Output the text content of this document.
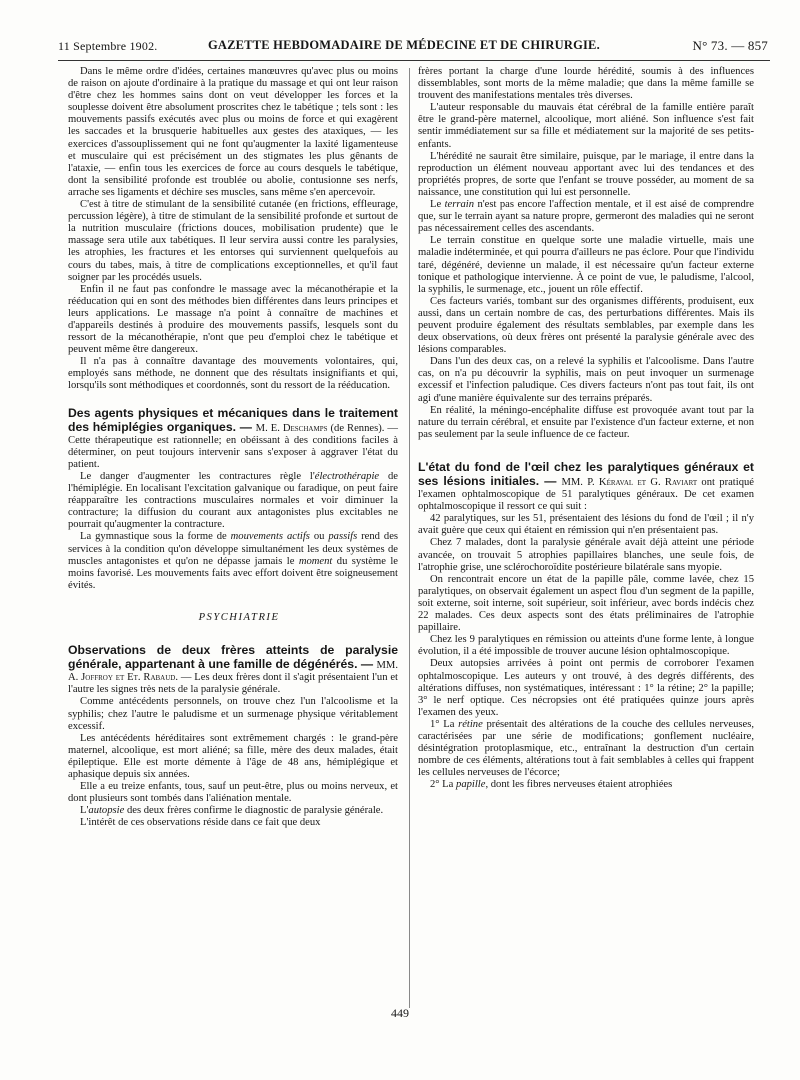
11 Septembre 1902.	GAZETTE HEBDOMADAIRE DE MÉDECINE ET DE CHIRURGIE.	N° 73. — 857

Dans le même ordre d'idées, certaines manœuvres qu'avec plus ou moins de raison on ajoute d'ordinaire à la pratique du massage et qui ont leur raison d'être chez les hommes sains dont on veut développer les forces et la souplesse doivent être absolument proscrites chez le tabétique ; tels sont : les mouvements passifs exécutés avec plus ou moins de force et qui exagèrent les saccades et la brusquerie habituelles aux gestes des ataxiques, — les exercices d'assouplissement qui ne font qu'augmenter la laxité ligamenteuse et musculaire qui est précisément un des stigmates les plus gênants de l'ataxie, — enfin tous les exercices de force au cours desquels le tabétique, dont la sensibilité profonde est troublée ou abolie, contusionne ses nerfs, arrache ses ligaments et déchire ses muscles, sans même s'en apercevoir.

C'est à titre de stimulant de la sensibilité cutanée (en frictions, effleurage, percussion légère), à titre de stimulant de la sensibilité profonde et surtout de la nutrition musculaire (frictions douces, mobilisation prudente) que le massage sera utile aux tabétiques. Il leur servira aussi contre les paralysies, les atrophies, les fractures et les entorses qui surviennent quelquefois au cours du tabes, mais, à titre de complications exceptionnelles, et qu'il faut soigner par les procédés usuels.

Enfin il ne faut pas confondre le massage avec la mécanothérapie et la rééducation qui en sont des méthodes bien différentes dans leurs principes et leurs applications. Le massage n'a point à connaître de machines et d'appareils destinés à produire des mouvements passifs, lesquels sont du ressort de la mécanothérapie, n'ont que peu d'emploi chez le tabétique et peuvent même être dangereux.

Il n'a pas à connaître davantage des mouvements volontaires, qui, employés sans méthode, ne donnent que des résultats insignifiants et qui, lorsqu'ils sont méthodiques et coordonnés, sont du ressort de la rééducation.

Des agents physiques et mécaniques dans le traitement des hémiplégies organiques. — M. E. Deschamps (de Rennes). — Cette thérapeutique est rationnelle; en obéissant à des conditions faciles à déterminer, on peut toujours intervenir sans s'exposer à aggraver l'état du patient.

Le danger d'augmenter les contractures règle l'électrothérapie de l'hémiplégie. En localisant l'excitation galvanique ou faradique, on peut faire réapparaître les contractions musculaires normales et voir diminuer la contracture; la diffusion du courant aux antagonistes plus excitables ne pourrait qu'augmenter la contracture.

La gymnastique sous la forme de mouvements actifs ou passifs rend des services à la condition qu'on développe simultanément les deux systèmes de muscles antagonistes et qu'on ne dépasse jamais le moment du système le moins favorisé. Les mouvements faits avec effort doivent être soigneusement évités.

PSYCHIATRIE

Observations de deux frères atteints de paralysie générale, appartenant à une famille de dégénérés. — MM. A. Joffroy et Et. Rabaud. — Les deux frères dont il s'agit présentaient l'un et l'autre les signes très nets de la paralysie générale.

Comme antécédents personnels, on trouve chez l'un l'alcoolisme et la syphilis; chez l'autre le paludisme et un surmenage physique véritablement excessif.

Les antécédents héréditaires sont extrêmement chargés : le grand-père maternel, alcoolique, est mort aliéné; sa fille, mère des deux malades, était épileptique. Elle est morte démente à l'âge de 48 ans, hémiplégique et aphasique depuis six années.

Elle a eu treize enfants, tous, sauf un peut-être, plus ou moins nerveux, et dont plusieurs sont tombés dans l'aliénation mentale.

L'autopsie des deux frères confirme le diagnostic de paralysie générale.

L'intérêt de ces observations réside dans ce fait que deux

frères portant la charge d'une lourde hérédité, soumis à des influences dissemblables, sont morts de la même maladie; que dans la même famille se trouvent des manifestations mentales très diverses.

L'auteur responsable du mauvais état cérébral de la famille entière paraît être le grand-père maternel, alcoolique, mort aliéné. Son influence s'est fait sentir immédiatement sur sa fille et médiatement sur la majorité de ses petits-enfants.

L'hérédité ne saurait être similaire, puisque, par le mariage, il entre dans la reproduction un élément nouveau apportant avec lui des tendances et des propriétés propres, de sorte que l'enfant se trouve posséder, au moment de sa naissance, une constitution qui lui est personnelle.

Le terrain n'est pas encore l'affection mentale, et il est aisé de comprendre que, sur le terrain ayant sa nature propre, germeront des maladies qui ne seront pas nécessairement celles des ascendants.

Le terrain constitue en quelque sorte une maladie virtuelle, mais une maladie indéterminée, et qui pourra d'ailleurs ne pas éclore. Pour que l'individu taré, dégénéré, devienne un malade, il est nécessaire qu'un facteur externe tonique et pathologique intervienne. À ce point de vue, le paludisme, l'alcool, la syphilis, le surmenage, etc., jouent un rôle effectif.

Ces facteurs variés, tombant sur des organismes différents, produisent, eux aussi, dans un certain nombre de cas, des perturbations différentes. Mais ils peuvent produire également des résultats semblables, par exemple dans les deux observations, où deux frères ont présenté la paralysie générale avec des lésions comparables.

Dans l'un des deux cas, on a relevé la syphilis et l'alcoolisme. Dans l'autre cas, on n'a pu découvrir la syphilis, mais on peut invoquer un surmenage excessif et l'infection paludique. Ces divers facteurs n'ont pas tout fait, ils ont agi d'une manière équivalente sur des terrains préparés.

En réalité, la méningo-encéphalite diffuse est provoquée avant tout par la nature du terrain cérébral, et ensuite par l'existence d'un facteur externe, et non pas seulement par la seule influence de ce facteur.

L'état du fond de l'œil chez les paralytiques généraux et ses lésions initiales. — MM. P. Kéraval et G. Raviart ont pratiqué l'examen ophtalmoscopique de 51 paralytiques généraux. De cet examen ophtalmoscopique il ressort ce qui suit :

42 paralytiques, sur les 51, présentaient des lésions du fond de l'œil ; il n'y avait guère que ceux qui étaient en rémission qui n'en présentaient pas.

Chez 7 malades, dont la paralysie générale avait déjà atteint une période avancée, on trouvait 5 atrophies papillaires blanches, une seule fois, de l'atrophie grise, une sclérochoroïdite postérieure bilatérale sans myopie.

On rencontrait encore un état de la papille pâle, comme lavée, chez 15 paralytiques, on observait également un aspect flou d'un segment de la papille, soit externe, soit interne, soit supérieur, soit inférieur, avec bords indécis chez 22 malades. Ces deux aspects sont des états préliminaires de l'atrophie papillaire.

Chez les 9 paralytiques en rémission ou atteints d'une forme lente, à longue évolution, il a été impossible de trouver aucune lésion ophtalmoscopique.

Deux autopsies arrivées à point ont permis de corroborer l'examen ophtalmoscopique. Les auteurs y ont trouvé, à des degrés différents, des altérations diffuses, non systématiques, intéressant : 1° la rétine; 2° la papille; 3° le nerf optique. Ces nécropsies ont été pratiquées quinze jours après l'examen des yeux.

1° La rétine présentait des altérations de la couche des cellules nerveuses, caractérisées par une série de modifications; gonflement nucléaire, désintégration protoplasmique, etc., entraînant la destruction d'un certain nombre de ces éléments, altérations tout à fait semblables à celles qui frappent les cellules nerveuses de l'écorce;

2° La papille, dont les fibres nerveuses étaient atrophiées

449
